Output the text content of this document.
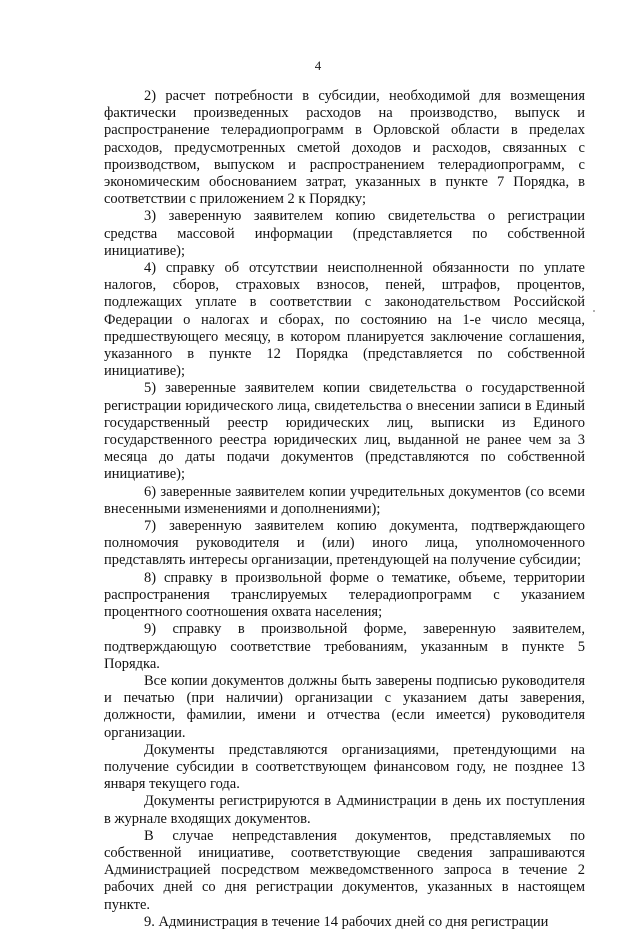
4

2) расчет потребности в субсидии, необходимой для возмещения фактически произведенных расходов на производство, выпуск и распространение телерадиопрограмм в Орловской области в пределах расходов, предусмотренных сметой доходов и расходов, связанных с производством, выпуском и распространением телерадиопрограмм, с экономическим обоснованием затрат, указанных в пункте 7 Порядка, в соответствии с приложением 2 к Порядку;

3) заверенную заявителем копию свидетельства о регистрации средства массовой информации (представляется по собственной инициативе);

4) справку об отсутствии неисполненной обязанности по уплате налогов, сборов, страховых взносов, пеней, штрафов, процентов, подлежащих уплате в соответствии с законодательством Российской Федерации о налогах и сборах, по состоянию на 1-е число месяца, предшествующего месяцу, в котором планируется заключение соглашения, указанного в пункте 12 Порядка (представляется по собственной инициативе);

5) заверенные заявителем копии свидетельства о государственной регистрации юридического лица, свидетельства о внесении записи в Единый государственный реестр юридических лиц, выписки из Единого государственного реестра юридических лиц, выданной не ранее чем за 3 месяца до даты подачи документов (представляются по собственной инициативе);

6) заверенные заявителем копии учредительных документов (со всеми внесенными изменениями и дополнениями);

7) заверенную заявителем копию документа, подтверждающего полномочия руководителя и (или) иного лица, уполномоченного представлять интересы организации, претендующей на получение субсидии;

8) справку в произвольной форме о тематике, объеме, территории распространения транслируемых телерадиопрограмм с указанием процентного соотношения охвата населения;

9) справку в произвольной форме, заверенную заявителем, подтверждающую соответствие требованиям, указанным в пункте 5 Порядка.

Все копии документов должны быть заверены подписью руководителя и печатью (при наличии) организации с указанием даты заверения, должности, фамилии, имени и отчества (если имеется) руководителя организации.

Документы представляются организациями, претендующими на получение субсидии в соответствующем финансовом году, не позднее 13 января текущего года.

Документы регистрируются в Администрации в день их поступления в журнале входящих документов.

В случае непредставления документов, представляемых по собственной инициативе, соответствующие сведения запрашиваются Администрацией посредством межведомственного запроса в течение 2 рабочих дней со дня регистрации документов, указанных в настоящем пункте.

9. Администрация в течение 14 рабочих дней со дня регистрации
